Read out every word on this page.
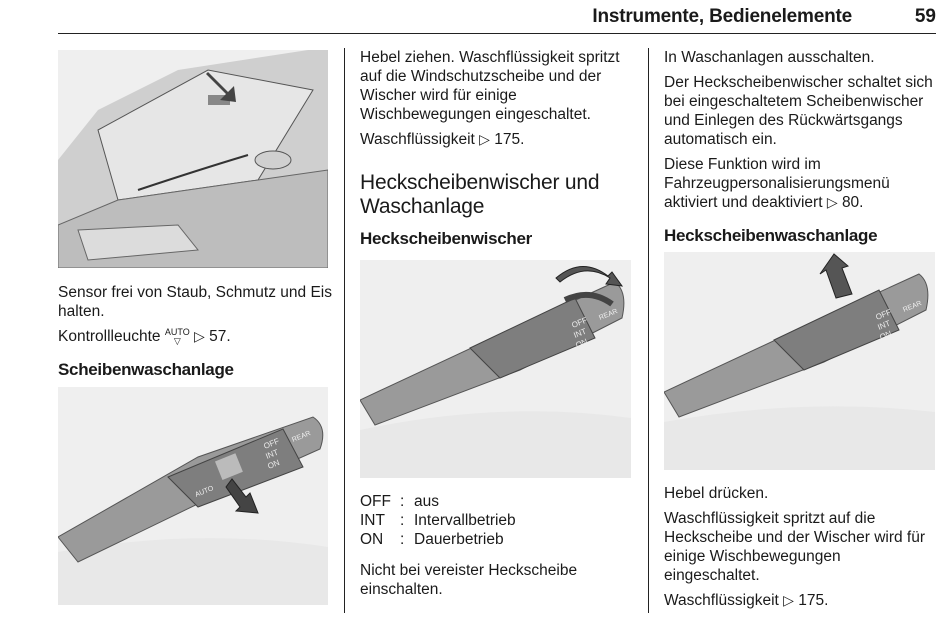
Instrumente, Bedienelemente	59

Sensor frei von Staub, Schmutz und Eis halten.

Kontrollleuchte AUTO
▽ ▷ 57.

Scheibenwaschanlage
OFF
INT
ON
REAR
AUTO

Hebel ziehen. Waschflüssigkeit spritzt auf die Windschutzscheibe und der Wischer wird für einige Wischbewegungen eingeschaltet.

Waschflüssigkeit ▷ 175.

Heckscheibenwischer und Waschanlage
Heckscheibenwischer
OFF
INT
ON
REAR
OFF	:	aus
INT	:	Intervallbetrieb
ON	:	Dauerbetrieb

Nicht bei vereister Heckscheibe einschalten.

In Waschanlagen ausschalten.

Der Heckscheibenwischer schaltet sich bei eingeschaltetem Scheibenwischer und Einlegen des Rückwärtsgangs automatisch ein.

Diese Funktion wird im Fahrzeugpersonalisierungsmenü aktiviert und deaktiviert ▷ 80.

Heckscheibenwaschanlage
OFF
INT
ON
REAR

Hebel drücken.

Waschflüssigkeit spritzt auf die Heckscheibe und der Wischer wird für einige Wischbewegungen eingeschaltet.

Waschflüssigkeit ▷ 175.
